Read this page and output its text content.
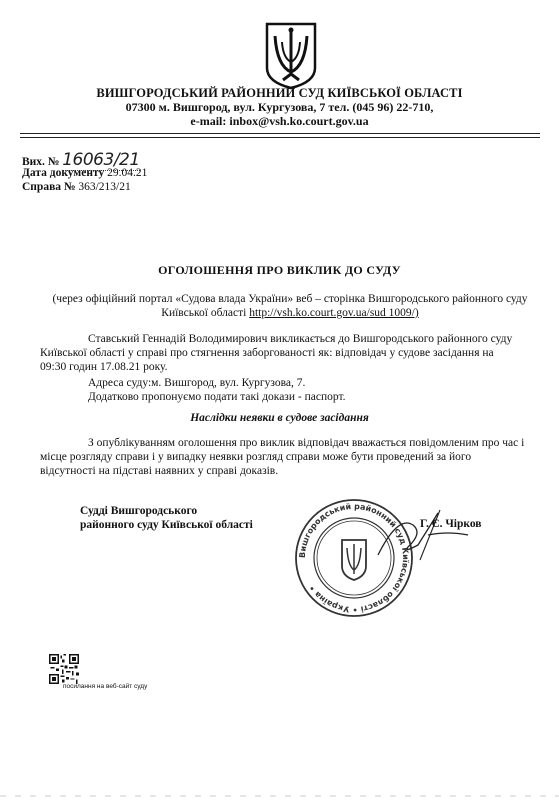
ВИШГОРОДСЬКИЙ РАЙОННИЙ СУД КИЇВСЬКОЇ ОБЛАСТІ
07300 м. Вишгород, вул. Кургузова, 7 тел. (045 96) 22-710,
e-mail: inbox@vsh.ko.court.gov.ua
Вих. № 16063/21
Дата документу 29.04.21
Справа № 363/213/21
ОГОЛОШЕННЯ ПРО ВИКЛИК ДО СУДУ
(через офіційний портал «Судова влада України» веб – сторінка Вишгородського районного суду
Київської області http://vsh.ko.court.gov.ua/sud 1009/)
Ставський Геннадій Володимирович викликається до Вишгородського районного суду
Київської області у справі про стягнення заборгованості як: відповідач у судове засідання на
09:30 годин 17.08.21 року.
Адреса суду:м. Вишгород, вул. Кургузова, 7.
Додатково пропонуємо подати такі докази - паспорт.
Наслідки неявки в судове засідання
З опублікуванням оголошення про виклик відповідач вважається повідомленим про час і
місце розгляду справи і у випадку неявки розгляд справи може бути проведений за його
відсутності на підставі наявних у справі доказів.
Судді Вишгородського
районного суду Київської області
Вишгородський районний суд Київської області • Україна •
Г. Є. Чірков
посилання на веб-сайт суду
